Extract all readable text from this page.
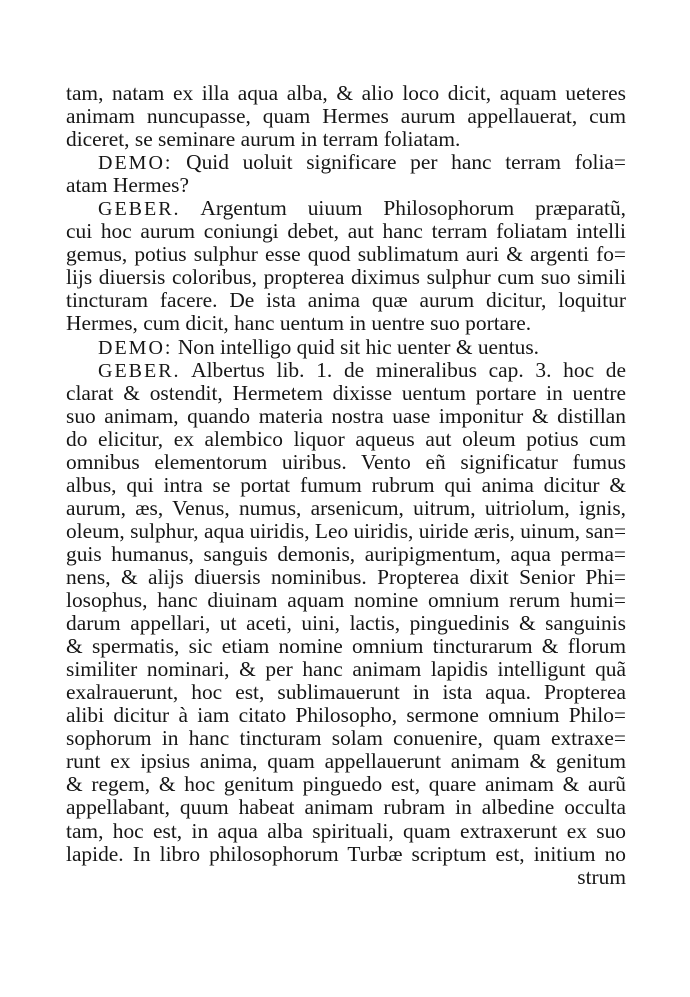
tam, natam ex illa aqua alba, & alio loco dicit, aquam ueteres
animam nuncupasse, quam Hermes aurum appellauerat, cum
diceret, se seminare aurum in terram foliatam.
DEMO: Quid uoluit significare per hanc terram folia=
atam Hermes?
GEBER. Argentum uiuum Philosophorum præparatũ,
cui hoc aurum coniungi debet, aut hanc terram foliatam intelli
gemus, potius sulphur esse quod sublimatum auri & argenti fo=
lijs diuersis coloribus, propterea diximus sulphur cum suo simili
tincturam facere. De ista anima quæ aurum dicitur, loquitur
Hermes, cum dicit, hanc uentum in uentre suo portare.
DEMO: Non intelligo quid sit hic uenter & uentus.
GEBER. Albertus lib. 1. de mineralibus cap. 3. hoc de
clarat & ostendit, Hermetem dixisse uentum portare in uentre
suo animam, quando materia nostra uase imponitur & distillan
do elicitur, ex alembico liquor aqueus aut oleum potius cum
omnibus elementorum uiribus. Vento eñ significatur fumus
albus, qui intra se portat fumum rubrum qui anima dicitur &
aurum, æs, Venus, numus, arsenicum, uitrum, uitriolum, ignis,
oleum, sulphur, aqua uiridis, Leo uiridis, uiride æris, uinum, san=
guis humanus, sanguis demonis, auripigmentum, aqua perma=
nens, & alijs diuersis nominibus. Propterea dixit Senior Phi=
losophus, hanc diuinam aquam nomine omnium rerum humi=
darum appellari, ut aceti, uini, lactis, pinguedinis & sanguinis
& spermatis, sic etiam nomine omnium tincturarum & florum
similiter nominari, & per hanc animam lapidis intelligunt quã
exalrauerunt, hoc est, sublimauerunt in ista aqua. Propterea
alibi dicitur à iam citato Philosopho, sermone omnium Philo=
sophorum in hanc tincturam solam conuenire, quam extraxe=
runt ex ipsius anima, quam appellauerunt animam & genitum
& regem, & hoc genitum pinguedo est, quare animam & aurũ
appellabant, quum habeat animam rubram in albedine occulta
tam, hoc est, in aqua alba spirituali, quam extraxerunt ex suo
lapide. In libro philosophorum Turbæ scriptum est, initium no
strum
